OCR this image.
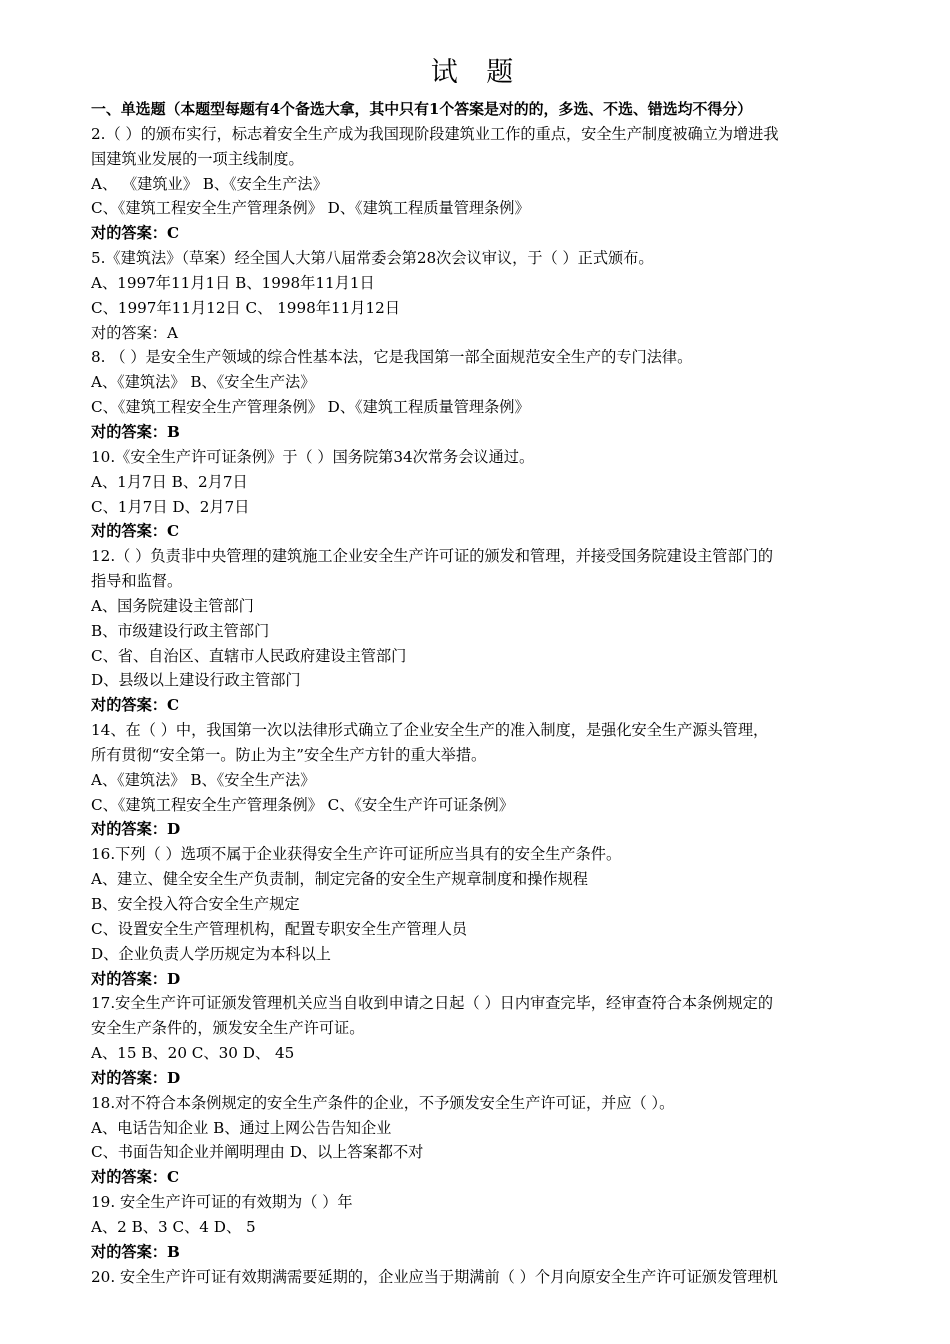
试 题
一、单选题（本题型每题有4个备选大拿，其中只有1个答案是对的的，多选、不选、错选均不得分）
2.（ ）的颁布实行，标志着安全生产成为我国现阶段建筑业工作的重点，安全生产制度被确立为增进我
国建筑业发展的一项主线制度。
A、 《建筑业》 B、《安全生产法》
C、《建筑工程安全生产管理条例》 D、《建筑工程质量管理条例》
对的答案：C
5.《建筑法》（草案）经全国人大第八届常委会第28次会议审议，于（ ）正式颁布。
A、1997年11月1日 B、1998年11月1日
C、1997年11月12日 C、 1998年11月12日
对的答案：A
8. （ ）是安全生产领域的综合性基本法，它是我国第一部全面规范安全生产的专门法律。
A、《建筑法》 B、《安全生产法》
C、《建筑工程安全生产管理条例》 D、《建筑工程质量管理条例》
对的答案：B
10.《安全生产许可证条例》于（ ）国务院第34次常务会议通过。
A、1月7日 B、2月7日
C、1月7日 D、2月7日
对的答案：C
12.（ ）负责非中央管理的建筑施工企业安全生产许可证的颁发和管理，并接受国务院建设主管部门的
指导和监督。
A、国务院建设主管部门
B、市级建设行政主管部门
C、省、自治区、直辖市人民政府建设主管部门
D、县级以上建设行政主管部门
对的答案：C
14、在（ ）中，我国第一次以法律形式确立了企业安全生产的准入制度，是强化安全生产源头管理，
所有贯彻“安全第一。防止为主”安全生产方针的重大举措。
A、《建筑法》 B、《安全生产法》
C、《建筑工程安全生产管理条例》 C、《安全生产许可证条例》
对的答案：D
16.下列（ ）选项不属于企业获得安全生产许可证所应当具有的安全生产条件。
A、建立、健全安全生产负责制，制定完备的安全生产规章制度和操作规程
B、安全投入符合安全生产规定
C、设置安全生产管理机构，配置专职安全生产管理人员
D、企业负责人学历规定为本科以上
对的答案：D
17.安全生产许可证颁发管理机关应当自收到申请之日起（ ）日内审查完毕，经审查符合本条例规定的
安全生产条件的，颁发安全生产许可证。
A、15 B、20 C、30 D、 45
对的答案：D
18.对不符合本条例规定的安全生产条件的企业，不予颁发安全生产许可证，并应（ ）。
A、电话告知企业 B、通过上网公告告知企业
C、书面告知企业并阐明理由 D、以上答案都不对
对的答案：C
19. 安全生产许可证的有效期为（ ）年
A、2 B、3 C、4 D、 5
对的答案：B
20. 安全生产许可证有效期满需要延期的，企业应当于期满前（ ）个月向原安全生产许可证颁发管理机
